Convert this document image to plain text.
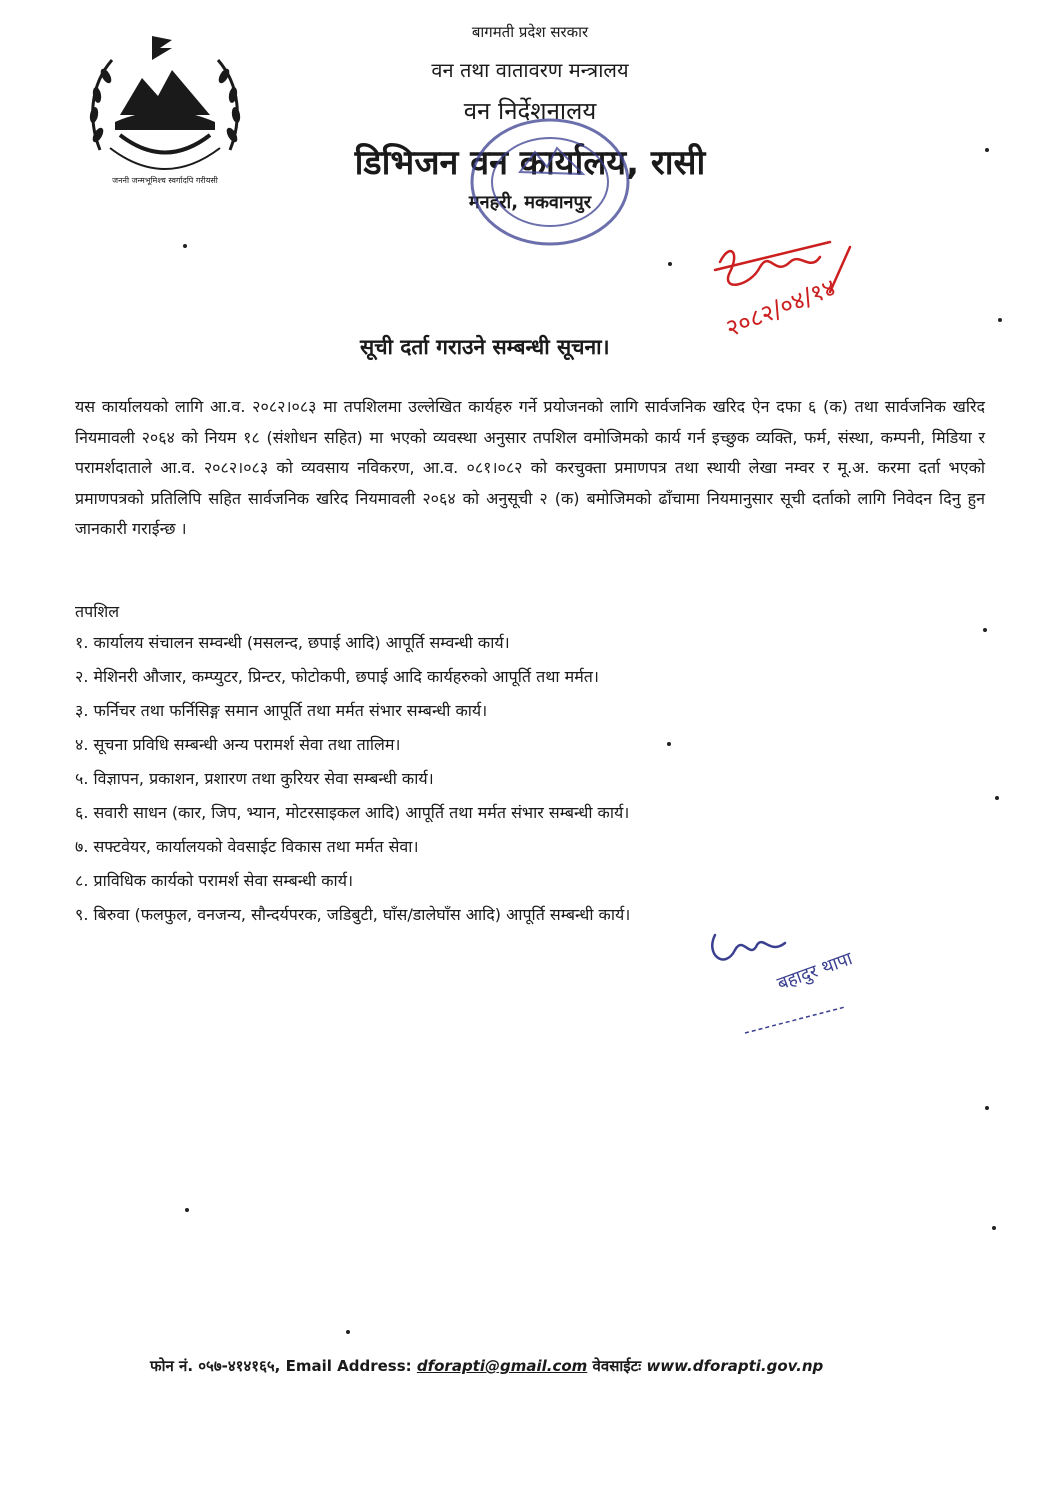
जननी जन्मभूमिश्च स्वर्गादपि गरीयसी
बागमती प्रदेश सरकार
वन तथा वातावरण मन्त्रालय
वन निर्देशनालय
डिभिजन वन कार्यालय, रासी
मनहरी, मकवानपुर
२०८२/०४/१४
सूची दर्ता गराउने सम्बन्धी सूचना।
यस कार्यालयको लागि आ.व. २०८२।०८३ मा तपशिलमा उल्लेखित कार्यहरु गर्ने प्रयोजनको लागि सार्वजनिक खरिद ऐन दफा ६ (क) तथा सार्वजनिक खरिद नियमावली २०६४ को नियम १८ (संशोधन सहित) मा भएको व्यवस्था अनुसार तपशिल वमोजिमको कार्य गर्न इच्छुक व्यक्ति, फर्म, संस्था, कम्पनी, मिडिया र परामर्शदाताले आ.व. २०८२।०८३ को व्यवसाय नविकरण, आ.व. ०८१।०८२ को करचुक्ता प्रमाणपत्र तथा स्थायी लेखा नम्वर र मू.अ. करमा दर्ता भएको प्रमाणपत्रको प्रतिलिपि सहित सार्वजनिक खरिद नियमावली २०६४ को अनुसूची २ (क) बमोजिमको ढाँचामा नियमानुसार सूची दर्ताको लागि निवेदन दिनु हुन जानकारी गराईन्छ ।
तपशिल
१. कार्यालय संचालन सम्वन्धी (मसलन्द, छपाई आदि) आपूर्ति सम्वन्धी कार्य।
२. मेशिनरी औजार, कम्प्युटर, प्रिन्टर, फोटोकपी, छपाई आदि कार्यहरुको आपूर्ति तथा मर्मत।
३. फर्निचर तथा फर्निसिङ्ग समान आपूर्ति तथा मर्मत संभार सम्बन्धी कार्य।
४. सूचना प्रविधि सम्बन्धी अन्य परामर्श सेवा तथा तालिम।
५. विज्ञापन, प्रकाशन, प्रशारण तथा कुरियर सेवा सम्बन्धी कार्य।
६. सवारी साधन (कार, जिप, भ्यान, मोटरसाइकल आदि) आपूर्ति तथा मर्मत संभार सम्बन्धी कार्य।
७. सफ्टवेयर, कार्यालयको वेवसाईट विकास तथा मर्मत सेवा।
८. प्राविधिक कार्यको परामर्श सेवा सम्बन्धी कार्य।
९. बिरुवा (फलफुल, वनजन्य, सौन्दर्यपरक, जडिबुटी, घाँस/डालेघाँस आदि) आपूर्ति सम्बन्धी कार्य।
बहादुर थापा
फोन नं. ०५७-४१४१६५, Email Address: dforapti@gmail.com वेवसाईटः www.dforapti.gov.np
